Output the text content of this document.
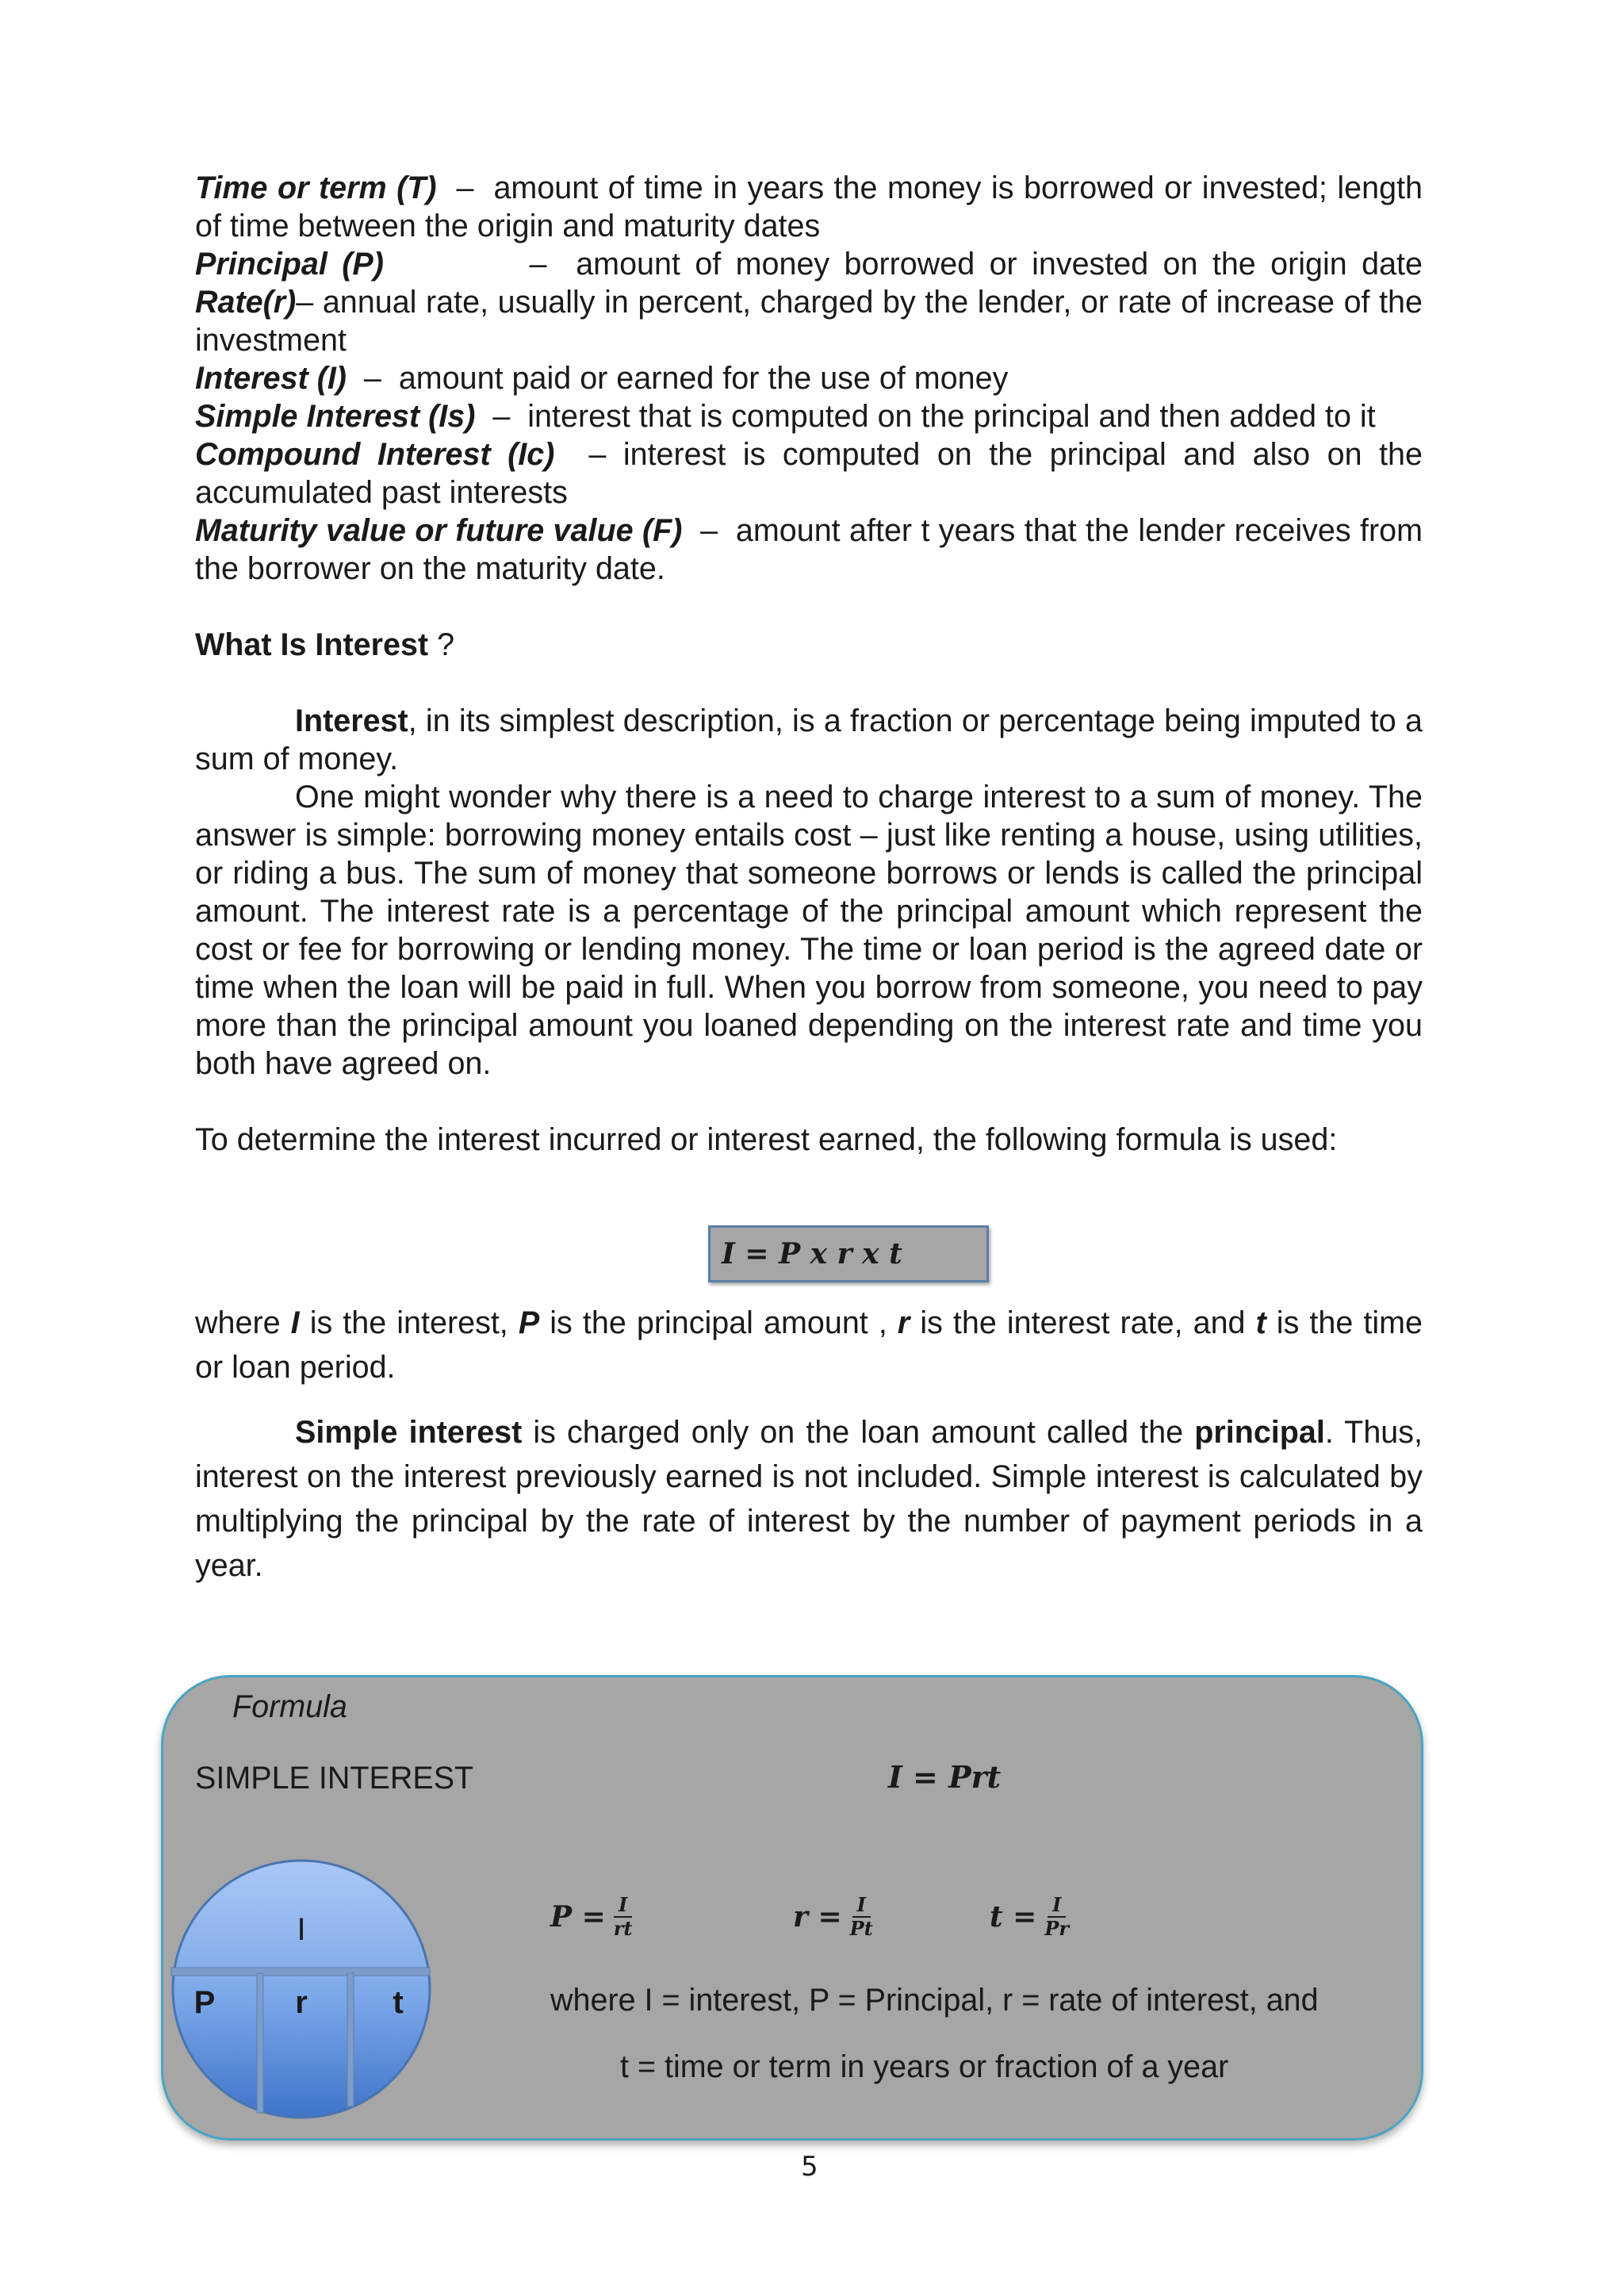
Time or term (T)  –  amount of time in years the money is borrowed or invested; length of time between the origin and maturity dates

Principal (P)          –  amount of money borrowed or invested on the origin date

Rate(r)– annual rate, usually in percent, charged by the lender, or rate of increase of the investment

Interest (I)  –  amount paid or earned for the use of money

Simple Interest (Is)  –  interest that is computed on the principal and then added to it

Compound Interest (Ic)  – interest is computed on the principal and also on the accumulated past interests

Maturity value or future value (F)  –  amount after t years that the lender receives from the borrower on the maturity date.

What Is Interest ?

Interest, in its simplest description, is a fraction or percentage being imputed to a sum of money.

One might wonder why there is a need to charge interest to a sum of money. The answer is simple: borrowing money entails cost – just like renting a house, using utilities, or riding a bus. The sum of money that someone borrows or lends is called the principal amount. The interest rate is a percentage of the principal amount which represent the cost or fee for borrowing or lending money. The time or loan period is the agreed date or time when the loan will be paid in full. When you borrow from someone, you need to pay more than the principal amount you loaned depending on the interest rate and time you both have agreed on.

To determine the interest incurred or interest earned, the following formula is used:

I = P x r x t

where I is the interest, P is the principal amount , r is the interest rate, and t is the time or loan period.

Simple interest is charged only on the loan amount called the principal. Thus, interest on the interest previously earned is not included. Simple interest is calculated by multiplying the principal by the rate of interest by the number of payment periods in a year.

Formula
SIMPLE INTEREST	I = Prt
I
P	r	t
$P = \frac{I}{rt}$	$r = \frac{I}{Pt}$	$t = \frac{I}{Pr}$
where I = interest, P = Principal, r = rate of interest, and
t = time or term in years or fraction of a year
5
